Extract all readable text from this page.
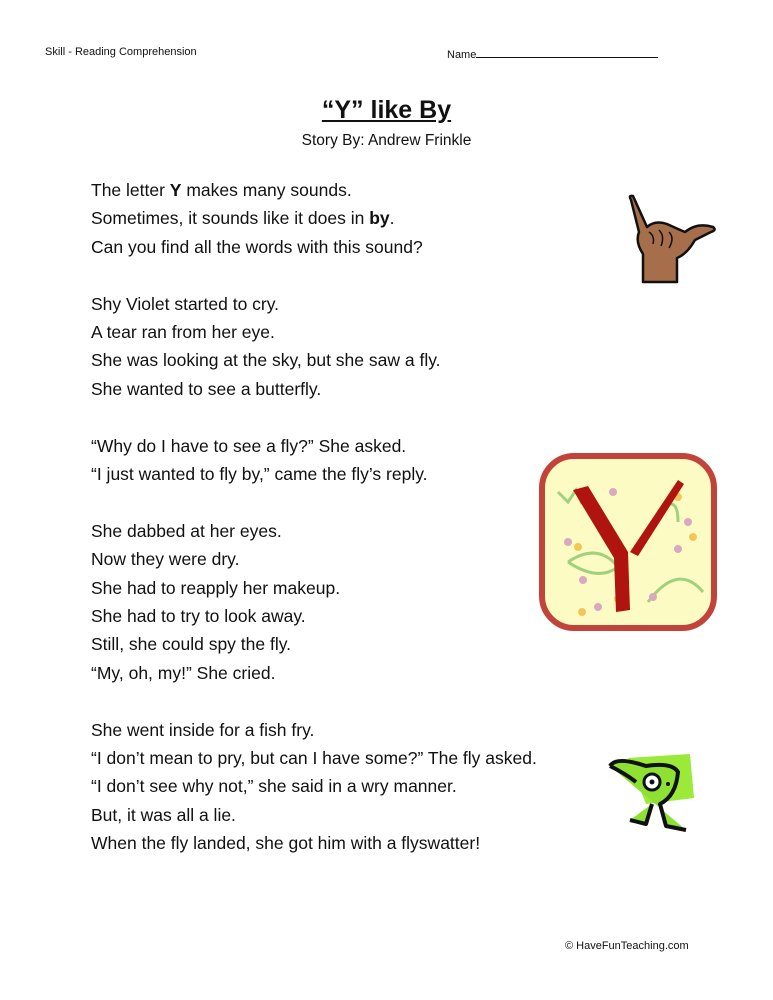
Skill - Reading Comprehension	Name
“Y” like By
Story By: Andrew Frinkle
The letter Y makes many sounds.
Sometimes, it sounds like it does in by.
Can you find all the words with this sound?
Shy Violet started to cry.
A tear ran from her eye.
She was looking at the sky, but she saw a fly.
She wanted to see a butterfly.
“Why do I have to see a fly?” She asked.
“I just wanted to fly by,” came the fly’s reply.
She dabbed at her eyes.
Now they were dry.
She had to reapply her makeup.
She had to try to look away.
Still, she could spy the fly.
“My, oh, my!” She cried.
She went inside for a fish fry.
“I don’t mean to pry, but can I have some?” The fly asked.
“I don’t see why not,” she said in a wry manner.
But, it was all a lie.
When the fly landed, she got him with a flyswatter!
© HaveFunTeaching.com
